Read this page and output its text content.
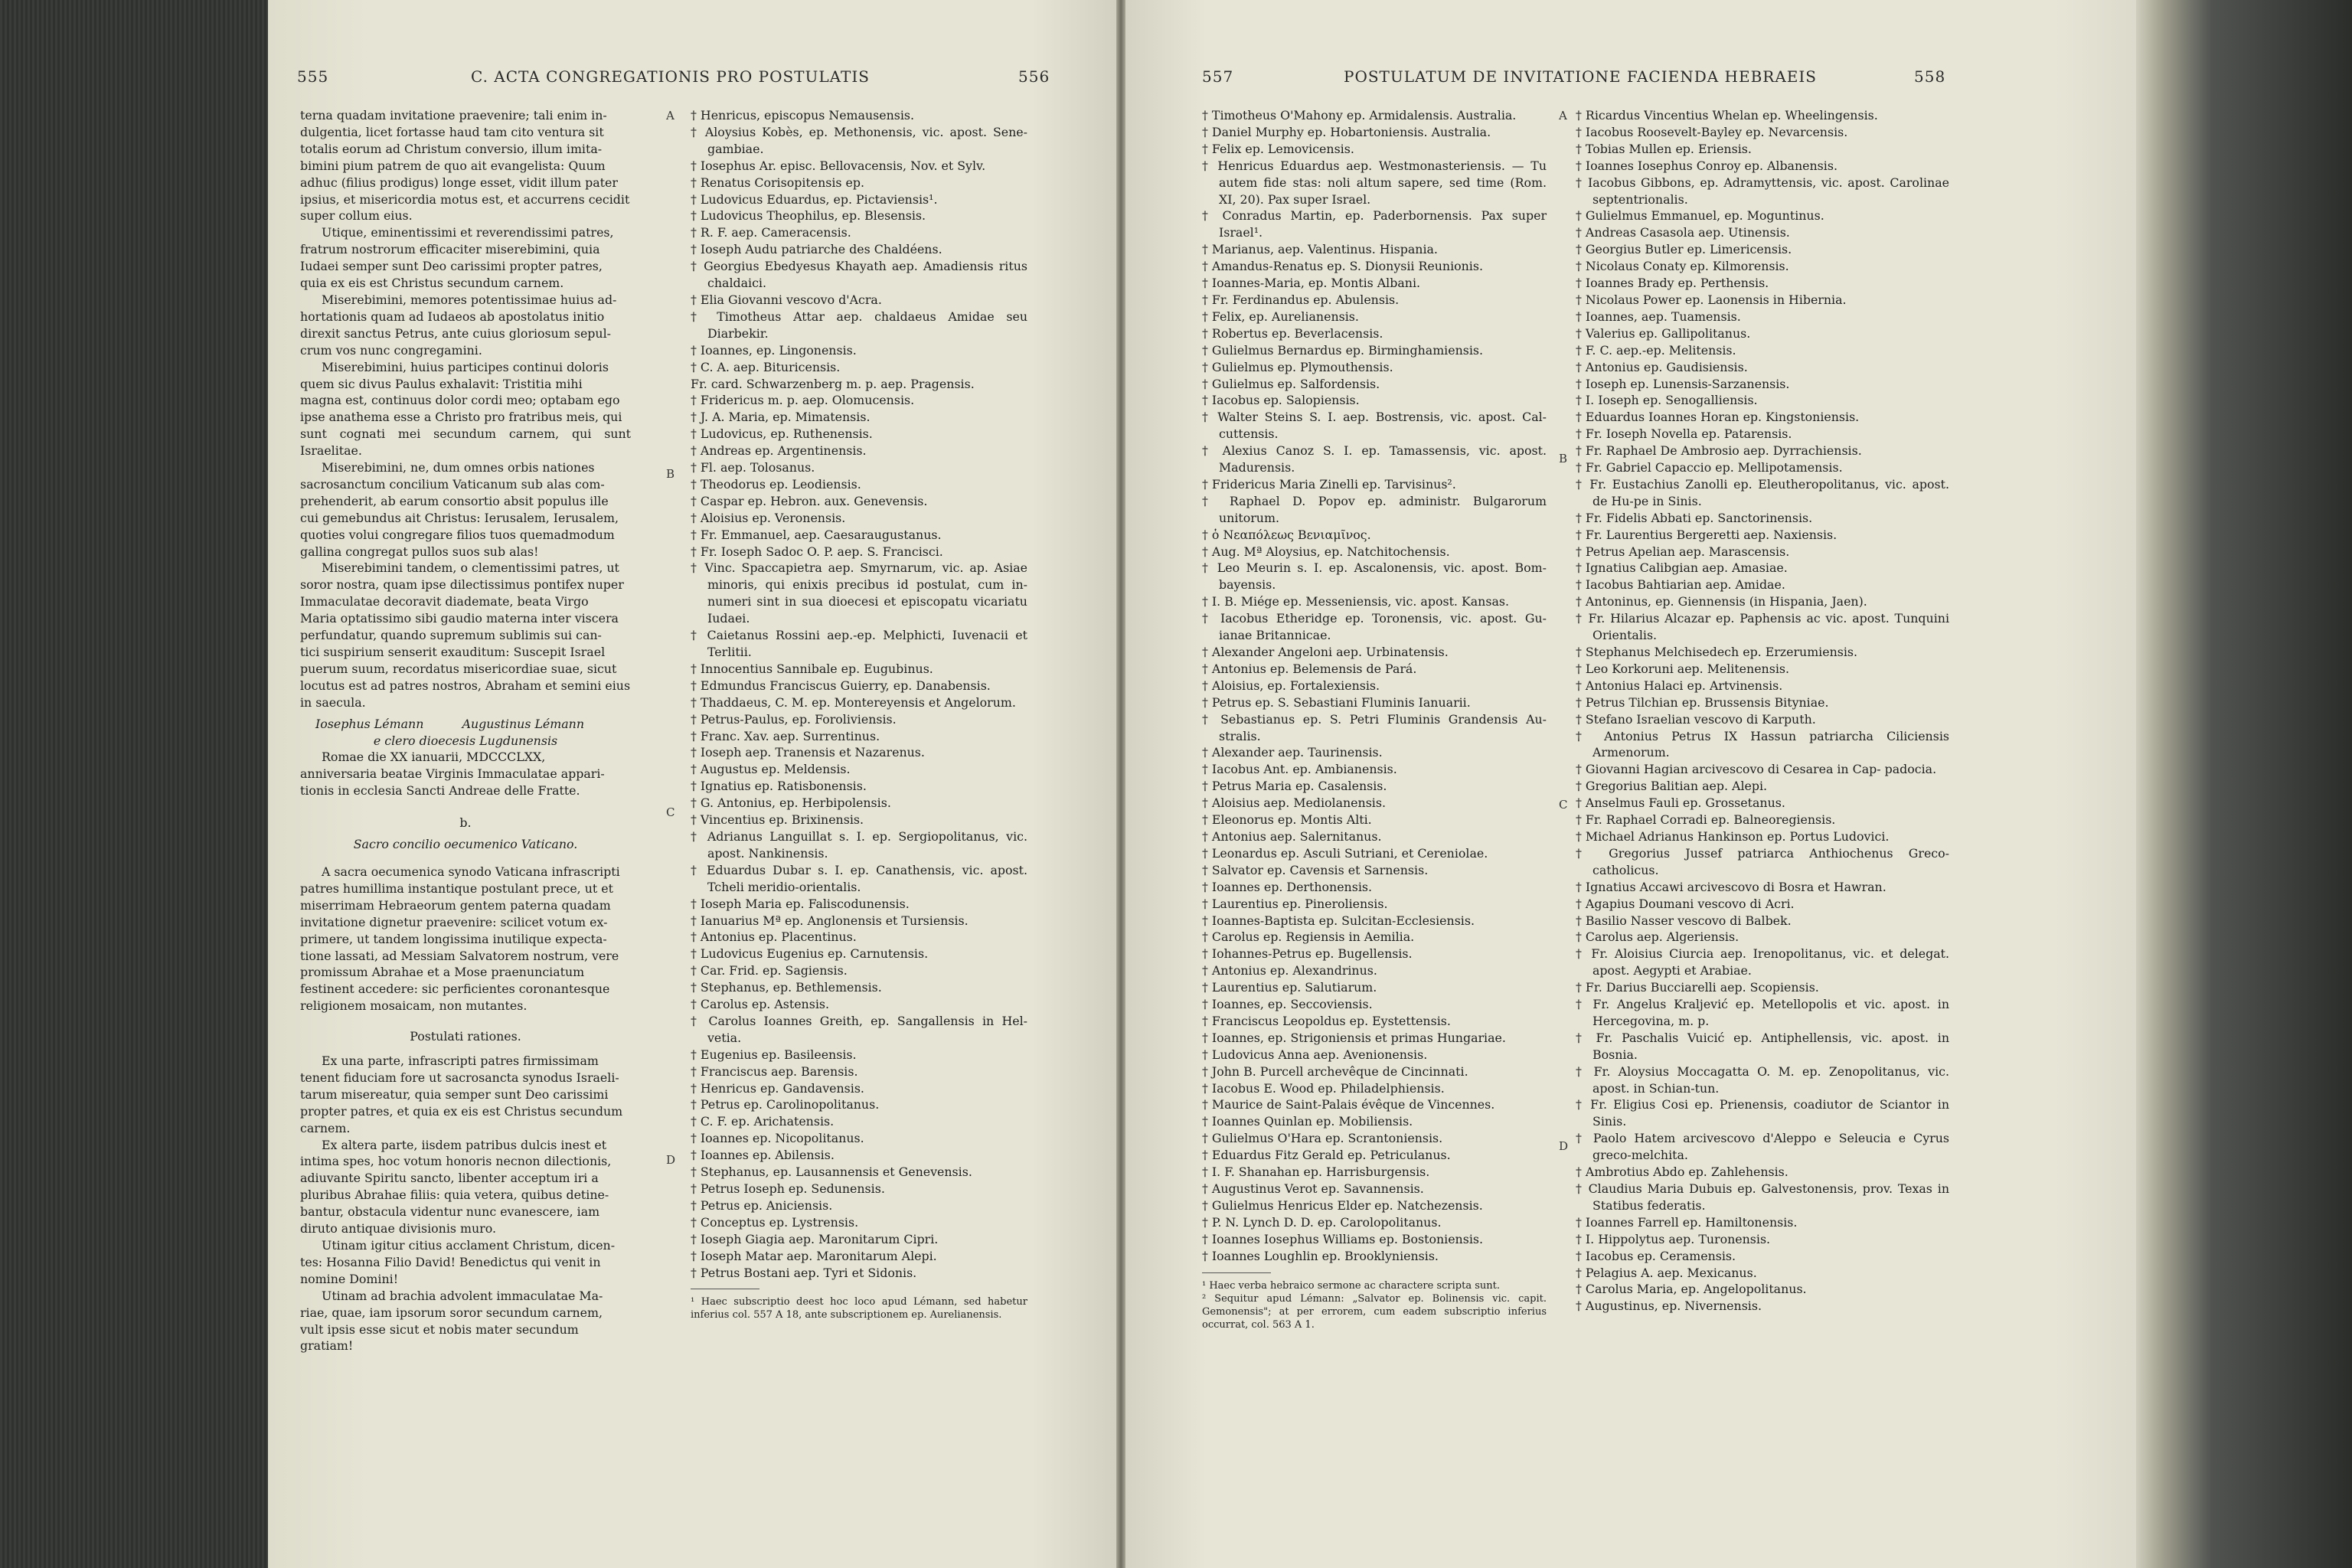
555	C. ACTA CONGREGATIONIS PRO POSTULATIS	556

terna quadam invitatione praevenire; tali enim in-

dulgentia, licet fortasse haud tam cito ventura sit

totalis eorum ad Christum conversio, illum imita-

bimini pium patrem de quo ait evangelista: Quum

adhuc (filius prodigus) longe esset, vidit illum pater

ipsius, et misericordia motus est, et accurrens cecidit

super collum eius.

Utique, eminentissimi et reverendissimi patres,

fratrum nostrorum efficaciter miserebimini, quia

Iudaei semper sunt Deo carissimi propter patres,

quia ex eis est Christus secundum carnem.

Miserebimini, memores potentissimae huius ad-

hortationis quam ad Iudaeos ab apostolatus initio

direxit sanctus Petrus, ante cuius gloriosum sepul-

crum vos nunc congregamini.

Miserebimini, huius participes continui doloris

quem sic divus Paulus exhalavit: Tristitia mihi

magna est, continuus dolor cordi meo; optabam ego

ipse anathema esse a Christo pro fratribus meis, qui

sunt cognati mei secundum carnem, qui sunt Israelitae.

Miserebimini, ne, dum omnes orbis nationes

sacrosanctum concilium Vaticanum sub alas com-

prehenderit, ab earum consortio absit populus ille

cui gemebundus ait Christus: Ierusalem, Ierusalem,

quoties volui congregare filios tuos quemadmodum

gallina congregat pullos suos sub alas!

Miserebimini tandem, o clementissimi patres, ut

soror nostra, quam ipse dilectissimus pontifex nuper

Immaculatae decoravit diademate, beata Virgo

Maria optatissimo sibi gaudio materna inter viscera

perfundatur, quando supremum sublimis sui can-

tici suspirium senserit exauditum: Suscepit Israel

puerum suum, recordatus misericordiae suae, sicut

locutus est ad patres nostros, Abraham et semini eius

in saecula.

Iosephus Lémann          Augustinus Lémann

e clero dioecesis Lugdunensis

Romae die XX ianuarii, MDCCCLXX,

anniversaria beatae Virginis Immaculatae appari-

tionis in ecclesia Sancti Andreae delle Fratte.

b.

Sacro concilio oecumenico Vaticano.

A sacra oecumenica synodo Vaticana infrascripti

patres humillima instantique postulant prece, ut et

miserrimam Hebraeorum gentem paterna quadam

invitatione dignetur praevenire: scilicet votum ex-

primere, ut tandem longissima inutilique expecta-

tione lassati, ad Messiam Salvatorem nostrum, vere

promissum Abrahae et a Mose praenunciatum

festinent accedere: sic perficientes coronantesque

religionem mosaicam, non mutantes.

Postulati rationes.

Ex una parte, infrascripti patres firmissimam

tenent fiduciam fore ut sacrosancta synodus Israeli-

tarum misereatur, quia semper sunt Deo carissimi

propter patres, et quia ex eis est Christus secundum

carnem.

Ex altera parte, iisdem patribus dulcis inest et

intima spes, hoc votum honoris necnon dilectionis,

adiuvante Spiritu sancto, libenter acceptum iri a

pluribus Abrahae filiis: quia vetera, quibus detine-

bantur, obstacula videntur nunc evanescere, iam

diruto antiquae divisionis muro.

Utinam igitur citius acclament Christum, dicen-

tes: Hosanna Filio David! Benedictus qui venit in

nomine Domini!

Utinam ad brachia advolent immaculatae Ma-

riae, quae, iam ipsorum soror secundum carnem,

vult ipsis esse sicut et nobis mater secundum

gratiam!

† Henricus, episcopus Nemausensis.

† Aloysius Kobès, ep. Methonensis, vic. apost. Sene- gambiae.

† Iosephus Ar. episc. Bellovacensis, Nov. et Sylv.

† Renatus Corisopitensis ep.

† Ludovicus Eduardus, ep. Pictaviensis¹.

† Ludovicus Theophilus, ep. Blesensis.

† R. F. aep. Cameracensis.

† Ioseph Audu patriarche des Chaldéens.

† Georgius Ebedyesus Khayath aep. Amadiensis ritus chaldaici.

† Elia Giovanni vescovo d'Acra.

† Timotheus Attar aep. chaldaeus Amidae seu Diarbekir.

† Ioannes, ep. Lingonensis.

† C. A. aep. Bituricensis.

Fr. card. Schwarzenberg m. p. aep. Pragensis.

† Fridericus m. p. aep. Olomucensis.

† J. A. Maria, ep. Mimatensis.

† Ludovicus, ep. Ruthenensis.

† Andreas ep. Argentinensis.

† Fl. aep. Tolosanus.

† Theodorus ep. Leodiensis.

† Caspar ep. Hebron. aux. Genevensis.

† Aloisius ep. Veronensis.

† Fr. Emmanuel, aep. Caesaraugustanus.

† Fr. Ioseph Sadoc O. P. aep. S. Francisci.

† Vinc. Spaccapietra aep. Smyrnarum, vic. ap. Asiae minoris, qui enixis precibus id postulat, cum in- numeri sint in sua dioecesi et episcopatu vicariatu Iudaei.

† Caietanus Rossini aep.-ep. Melphicti, Iuvenacii et Terlitii.

† Innocentius Sannibale ep. Eugubinus.

† Edmundus Franciscus Guierry, ep. Danabensis.

† Thaddaeus, C. M. ep. Montereyensis et Angelorum.

† Petrus-Paulus, ep. Foroliviensis.

† Franc. Xav. aep. Surrentinus.

† Ioseph aep. Tranensis et Nazarenus.

† Augustus ep. Meldensis.

† Ignatius ep. Ratisbonensis.

† G. Antonius, ep. Herbipolensis.

† Vincentius ep. Brixinensis.

† Adrianus Languillat s. I. ep. Sergiopolitanus, vic. apost. Nankinensis.

† Eduardus Dubar s. I. ep. Canathensis, vic. apost. Tcheli meridio-orientalis.

† Ioseph Maria ep. Faliscodunensis.

† Ianuarius Mª ep. Anglonensis et Tursiensis.

† Antonius ep. Placentinus.

† Ludovicus Eugenius ep. Carnutensis.

† Car. Frid. ep. Sagiensis.

† Stephanus, ep. Bethlemensis.

† Carolus ep. Astensis.

† Carolus Ioannes Greith, ep. Sangallensis in Hel- vetia.

† Eugenius ep. Basileensis.

† Franciscus aep. Barensis.

† Henricus ep. Gandavensis.

† Petrus ep. Carolinopolitanus.

† C. F. ep. Arichatensis.

† Ioannes ep. Nicopolitanus.

† Ioannes ep. Abilensis.

† Stephanus, ep. Lausannensis et Genevensis.

† Petrus Ioseph ep. Sedunensis.

† Petrus ep. Aniciensis.

† Conceptus ep. Lystrensis.

† Ioseph Giagia aep. Maronitarum Cipri.

† Ioseph Matar aep. Maronitarum Alepi.

† Petrus Bostani aep. Tyri et Sidonis.

¹ Haec subscriptio deest hoc loco apud Lémann, sed habetur inferius col. 557 A 18, ante subscriptionem ep. Aurelianensis.

A
B
C
D
557	POSTULATUM DE INVITATIONE FACIENDA HEBRAEIS	558

† Timotheus O'Mahony ep. Armidalensis. Australia.

† Daniel Murphy ep. Hobartoniensis. Australia.

† Felix ep. Lemovicensis.

† Henricus Eduardus aep. Westmonasteriensis. — Tu autem fide stas: noli altum sapere, sed time (Rom. XI, 20). Pax super Israel.

† Conradus Martin, ep. Paderbornensis. Pax super Israel¹.

† Marianus, aep. Valentinus. Hispania.

† Amandus-Renatus ep. S. Dionysii Reunionis.

† Ioannes-Maria, ep. Montis Albani.

† Fr. Ferdinandus ep. Abulensis.

† Felix, ep. Aurelianensis.

† Robertus ep. Beverlacensis.

† Gulielmus Bernardus ep. Birminghamiensis.

† Gulielmus ep. Plymouthensis.

† Gulielmus ep. Salfordensis.

† Iacobus ep. Salopiensis.

† Walter Steins S. I. aep. Bostrensis, vic. apost. Cal- cuttensis.

† Alexius Canoz S. I. ep. Tamassensis, vic. apost. Madurensis.

† Fridericus Maria Zinelli ep. Tarvisinus².

† Raphael D. Popov ep. administr. Bulgarorum unitorum.

† ὁ Νεαπόλεως Βενιαμῖνος.

† Aug. Mª Aloysius, ep. Natchitochensis.

† Leo Meurin s. I. ep. Ascalonensis, vic. apost. Bom- bayensis.

† I. B. Miége ep. Messeniensis, vic. apost. Kansas.

† Iacobus Etheridge ep. Toronensis, vic. apost. Gu- ianae Britannicae.

† Alexander Angeloni aep. Urbinatensis.

† Antonius ep. Belemensis de Pará.

† Aloisius, ep. Fortalexiensis.

† Petrus ep. S. Sebastiani Fluminis Ianuarii.

† Sebastianus ep. S. Petri Fluminis Grandensis Au- stralis.

† Alexander aep. Taurinensis.

† Iacobus Ant. ep. Ambianensis.

† Petrus Maria ep. Casalensis.

† Aloisius aep. Mediolanensis.

† Eleonorus ep. Montis Alti.

† Antonius aep. Salernitanus.

† Leonardus ep. Asculi Sutriani, et Cereniolae.

† Salvator ep. Cavensis et Sarnensis.

† Ioannes ep. Derthonensis.

† Laurentius ep. Pineroliensis.

† Ioannes-Baptista ep. Sulcitan-Ecclesiensis.

† Carolus ep. Regiensis in Aemilia.

† Iohannes-Petrus ep. Bugellensis.

† Antonius ep. Alexandrinus.

† Laurentius ep. Salutiarum.

† Ioannes, ep. Seccoviensis.

† Franciscus Leopoldus ep. Eystettensis.

† Ioannes, ep. Strigoniensis et primas Hungariae.

† Ludovicus Anna aep. Avenionensis.

† John B. Purcell archevêque de Cincinnati.

† Iacobus E. Wood ep. Philadelphiensis.

† Maurice de Saint-Palais évêque de Vincennes.

† Ioannes Quinlan ep. Mobiliensis.

† Gulielmus O'Hara ep. Scrantoniensis.

† Eduardus Fitz Gerald ep. Petriculanus.

† I. F. Shanahan ep. Harrisburgensis.

† Augustinus Verot ep. Savannensis.

† Gulielmus Henricus Elder ep. Natchezensis.

† P. N. Lynch D. D. ep. Carolopolitanus.

† Ioannes Iosephus Williams ep. Bostoniensis.

† Ioannes Loughlin ep. Brooklyniensis.

¹ Haec verba hebraico sermone ac charactere scripta sunt.

² Sequitur apud Lémann: „Salvator ep. Bolinensis vic. capit. Gemonensis"; at per errorem, cum eadem subscriptio inferius occurrat, col. 563 A 1.

† Ricardus Vincentius Whelan ep. Wheelingensis.

† Iacobus Roosevelt-Bayley ep. Nevarcensis.

† Tobias Mullen ep. Eriensis.

† Ioannes Iosephus Conroy ep. Albanensis.

† Iacobus Gibbons, ep. Adramyttensis, vic. apost. Carolinae septentrionalis.

† Gulielmus Emmanuel, ep. Moguntinus.

† Andreas Casasola aep. Utinensis.

† Georgius Butler ep. Limericensis.

† Nicolaus Conaty ep. Kilmorensis.

† Ioannes Brady ep. Perthensis.

† Nicolaus Power ep. Laonensis in Hibernia.

† Ioannes, aep. Tuamensis.

† Valerius ep. Gallipolitanus.

† F. C. aep.-ep. Melitensis.

† Antonius ep. Gaudisiensis.

† Ioseph ep. Lunensis-Sarzanensis.

† I. Ioseph ep. Senogalliensis.

† Eduardus Ioannes Horan ep. Kingstoniensis.

† Fr. Ioseph Novella ep. Patarensis.

† Fr. Raphael De Ambrosio aep. Dyrrachiensis.

† Fr. Gabriel Capaccio ep. Mellipotamensis.

† Fr. Eustachius Zanolli ep. Eleutheropolitanus, vic. apost. de Hu-pe in Sinis.

† Fr. Fidelis Abbati ep. Sanctorinensis.

† Fr. Laurentius Bergeretti aep. Naxiensis.

† Petrus Apelian aep. Marascensis.

† Ignatius Calibgian aep. Amasiae.

† Iacobus Bahtiarian aep. Amidae.

† Antoninus, ep. Giennensis (in Hispania, Jaen).

† Fr. Hilarius Alcazar ep. Paphensis ac vic. apost. Tunquini Orientalis.

† Stephanus Melchisedech ep. Erzerumiensis.

† Leo Korkoruni aep. Melitenensis.

† Antonius Halaci ep. Artvinensis.

† Petrus Tilchian ep. Brussensis Bityniae.

† Stefano Israelian vescovo di Karputh.

† Antonius Petrus IX Hassun patriarcha Ciliciensis Armenorum.

† Giovanni Hagian arcivescovo di Cesarea in Cap- padocia.

† Gregorius Balitian aep. Alepi.

† Anselmus Fauli ep. Grossetanus.

† Fr. Raphael Corradi ep. Balneoregiensis.

† Michael Adrianus Hankinson ep. Portus Ludovici.

† Gregorius Jussef patriarca Anthiochenus Greco- catholicus.

† Ignatius Accawi arcivescovo di Bosra et Hawran.

† Agapius Doumani vescovo di Acri.

† Basilio Nasser vescovo di Balbek.

† Carolus aep. Algeriensis.

† Fr. Aloisius Ciurcia aep. Irenopolitanus, vic. et delegat. apost. Aegypti et Arabiae.

† Fr. Darius Bucciarelli aep. Scopiensis.

† Fr. Angelus Kraljević ep. Metellopolis et vic. apost. in Hercegovina, m. p.

† Fr. Paschalis Vuicić ep. Antiphellensis, vic. apost. in Bosnia.

† Fr. Aloysius Moccagatta O. M. ep. Zenopolitanus, vic. apost. in Schian-tun.

† Fr. Eligius Cosi ep. Prienensis, coadiutor de Sciantor in Sinis.

† Paolo Hatem arcivescovo d'Aleppo e Seleucia e Cyrus greco-melchita.

† Ambrotius Abdo ep. Zahlehensis.

† Claudius Maria Dubuis ep. Galvestonensis, prov. Texas in Statibus federatis.

† Ioannes Farrell ep. Hamiltonensis.

† I. Hippolytus aep. Turonensis.

† Iacobus ep. Ceramensis.

† Pelagius A. aep. Mexicanus.

† Carolus Maria, ep. Angelopolitanus.

† Augustinus, ep. Nivernensis.

A
B
C
D
